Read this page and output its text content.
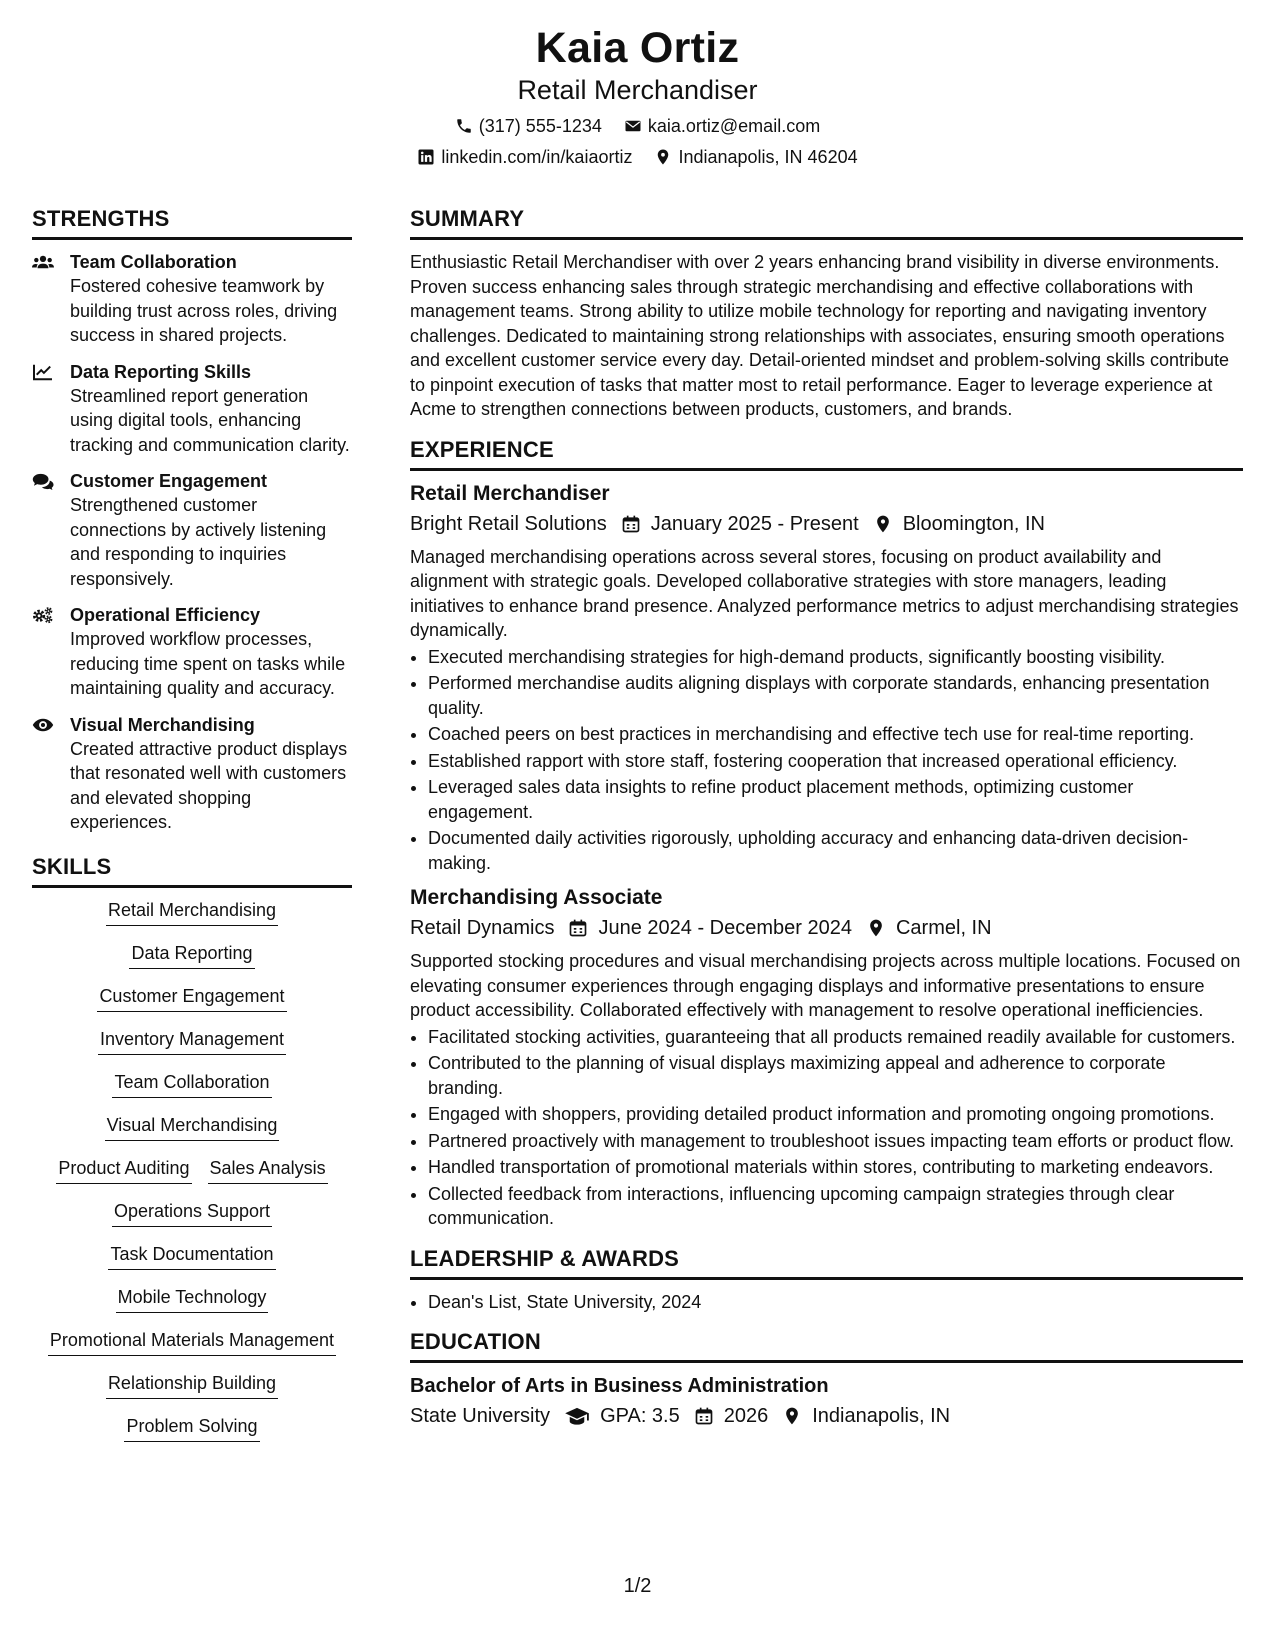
Kaia Ortiz
Retail Merchandiser
(317) 555-1234	kaia.ortiz@email.com
linkedin.com/in/kaiaortiz	Indianapolis, IN 46204
STRENGTHS
Team Collaboration
Fostered cohesive teamwork by building trust across roles, driving success in shared projects.
Data Reporting Skills
Streamlined report generation using digital tools, enhancing tracking and communication clarity.
Customer Engagement
Strengthened customer connections by actively listening and responding to inquiries responsively.
Operational Efficiency
Improved workflow processes, reducing time spent on tasks while maintaining quality and accuracy.
Visual Merchandising
Created attractive product displays that resonated well with customers and elevated shopping experiences.
SKILLS
Retail Merchandising
Data Reporting
Customer Engagement
Inventory Management
Team Collaboration
Visual Merchandising
Product Auditing Sales Analysis
Operations Support
Task Documentation
Mobile Technology
Promotional Materials Management
Relationship Building
Problem Solving
SUMMARY

Enthusiastic Retail Merchandiser with over 2 years enhancing brand visibility in diverse environments. Proven success enhancing sales through strategic merchandising and effective collaborations with management teams. Strong ability to utilize mobile technology for reporting and navigating inventory challenges. Dedicated to maintaining strong relationships with associates, ensuring smooth operations and excellent customer service every day. Detail-oriented mindset and problem-solving skills contribute to pinpoint execution of tasks that matter most to retail performance. Eager to leverage experience at Acme to strengthen connections between products, customers, and brands.

EXPERIENCE
Retail Merchandiser
Bright Retail Solutions January 2025 - Present Bloomington, IN

Managed merchandising operations across several stores, focusing on product availability and alignment with strategic goals. Developed collaborative strategies with store managers, leading initiatives to enhance brand presence. Analyzed performance metrics to adjust merchandising strategies dynamically.

• Executed merchandising strategies for high-demand products, significantly boosting visibility.
• Performed merchandise audits aligning displays with corporate standards, enhancing presentation quality.
• Coached peers on best practices in merchandising and effective tech use for real-time reporting.
• Established rapport with store staff, fostering cooperation that increased operational efficiency.
• Leveraged sales data insights to refine product placement methods, optimizing customer engagement.
• Documented daily activities rigorously, upholding accuracy and enhancing data-driven decision-making.
Merchandising Associate
Retail Dynamics June 2024 - December 2024 Carmel, IN

Supported stocking procedures and visual merchandising projects across multiple locations. Focused on elevating consumer experiences through engaging displays and informative presentations to ensure product accessibility. Collaborated effectively with management to resolve operational inefficiencies.

• Facilitated stocking activities, guaranteeing that all products remained readily available for customers.
• Contributed to the planning of visual displays maximizing appeal and adherence to corporate branding.
• Engaged with shoppers, providing detailed product information and promoting ongoing promotions.
• Partnered proactively with management to troubleshoot issues impacting team efforts or product flow.
• Handled transportation of promotional materials within stores, contributing to marketing endeavors.
• Collected feedback from interactions, influencing upcoming campaign strategies through clear communication.
LEADERSHIP & AWARDS
• Dean's List, State University, 2024
EDUCATION
Bachelor of Arts in Business Administration
State University	GPA: 3.5 2026 Indianapolis, IN
1/2
